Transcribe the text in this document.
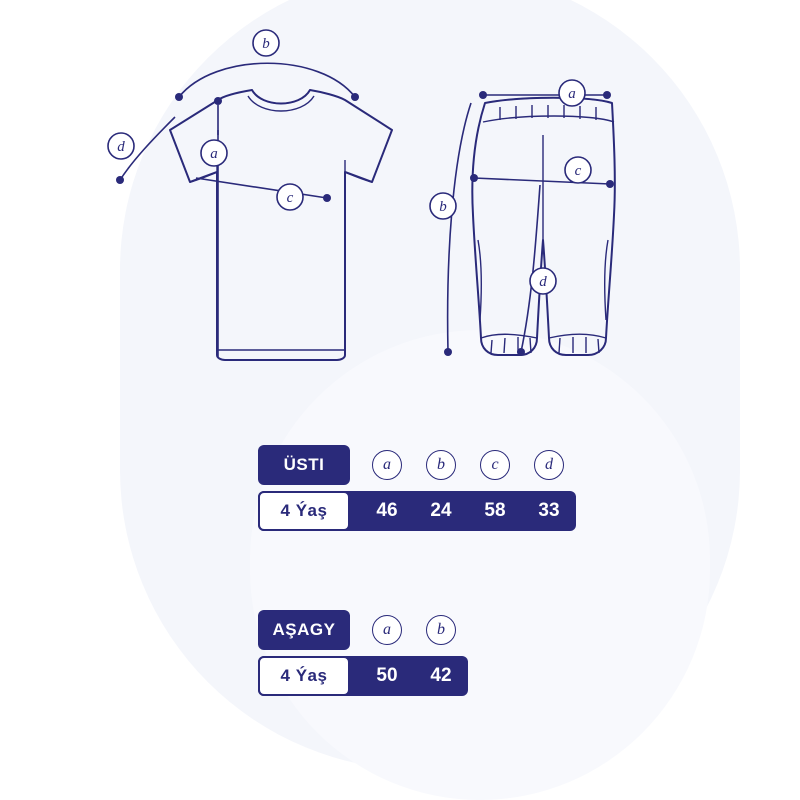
a
b
c
d
a
b
c
d
ÜSTI	a	b	c	d
4 Ýaş	46	24	58	33
AŞAGY	a	b
4 Ýaş	50	42
